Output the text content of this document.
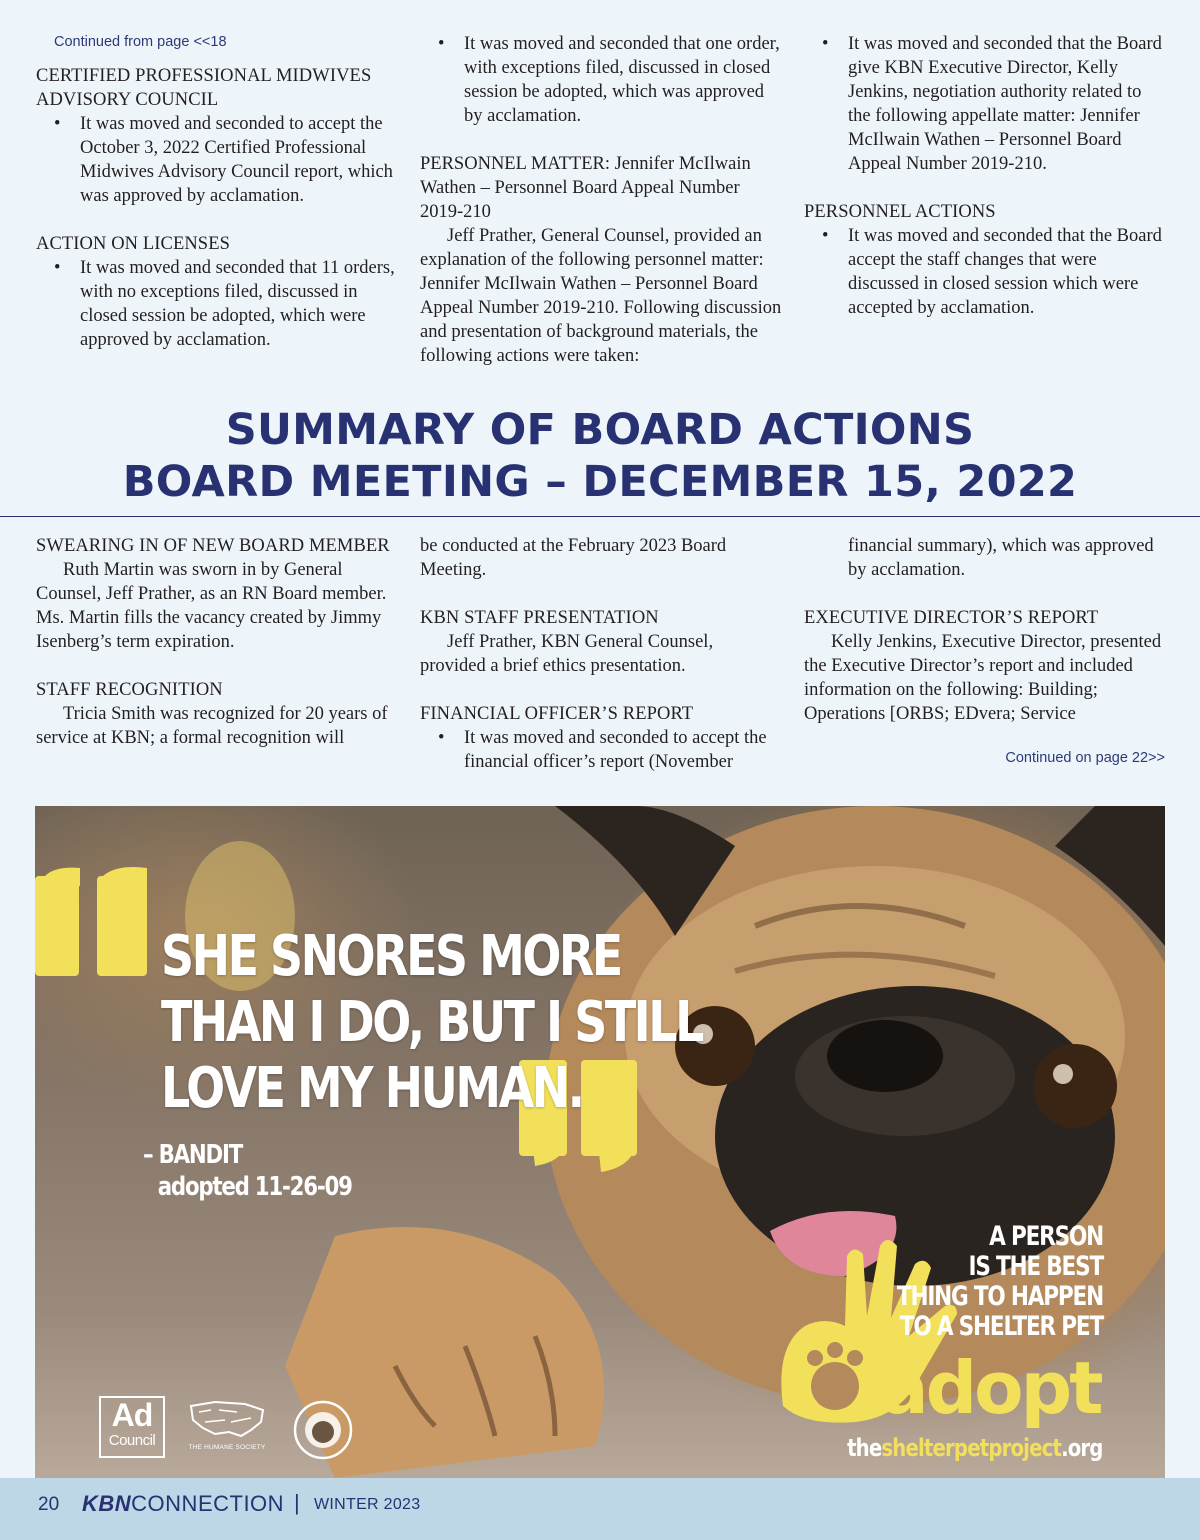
Continued from page <<18
CERTIFIED PROFESSIONAL MIDWIVES ADVISORY COUNCIL
• It was moved and seconded to accept the October 3, 2022 Certified Professional Midwives Advisory Council report, which was approved by acclamation.
ACTION ON LICENSES
• It was moved and seconded that 11 orders, with no exceptions filed, discussed in closed session be adopted, which were approved by acclamation.
• It was moved and seconded that one order, with exceptions filed, discussed in closed session be adopted, which was approved by acclamation.

PERSONNEL MATTER: Jennifer McIlwain Wathen – Personnel Board Appeal Number 2019-210

Jeff Prather, General Counsel, provided an explanation of the following personnel matter: Jennifer McIlwain Wathen – Personnel Board Appeal Number 2019-210. Following discussion and presentation of background materials, the following actions were taken:

• It was moved and seconded that the Board give KBN Executive Director, Kelly Jenkins, negotiation authority related to the following appellate matter: Jennifer McIlwain Wathen – Personnel Board Appeal Number 2019-210.
PERSONNEL ACTIONS
• It was moved and seconded that the Board accept the staff changes that were discussed in closed session which were accepted by acclamation.
SUMMARY OF BOARD ACTIONS
BOARD MEETING – DECEMBER 15, 2022
SWEARING IN OF NEW BOARD MEMBER

Ruth Martin was sworn in by General Counsel, Jeff Prather, as an RN Board member. Ms. Martin fills the vacancy created by Jimmy Isenberg’s term expiration.

STAFF RECOGNITION

Tricia Smith was recognized for 20 years of service at KBN; a formal recognition will

be conducted at the February 2023 Board Meeting.

KBN STAFF PRESENTATION

Jeff Prather, KBN General Counsel, provided a brief ethics presentation.

FINANCIAL OFFICER’S REPORT
• It was moved and seconded to accept the financial officer’s report (November

financial summary), which was approved by acclamation.

EXECUTIVE DIRECTOR’S REPORT

Kelly Jenkins, Executive Director, presented the Executive Director’s report and included information on the following: Building; Operations [ORBS; EDvera; Service

Continued on page 22>>
SHE SNORES MORE
THAN I DO, BUT I STILL
LOVE MY HUMAN.
– BANDIT
adopted 11-26-09
A PERSON
IS THE BEST
THING TO HAPPEN
TO A SHELTER PET
adopt
theshelterpetproject.org
Ad
Council	THE HUMANE SOCIETY
20 KBNCONNECTION | WINTER 2023
